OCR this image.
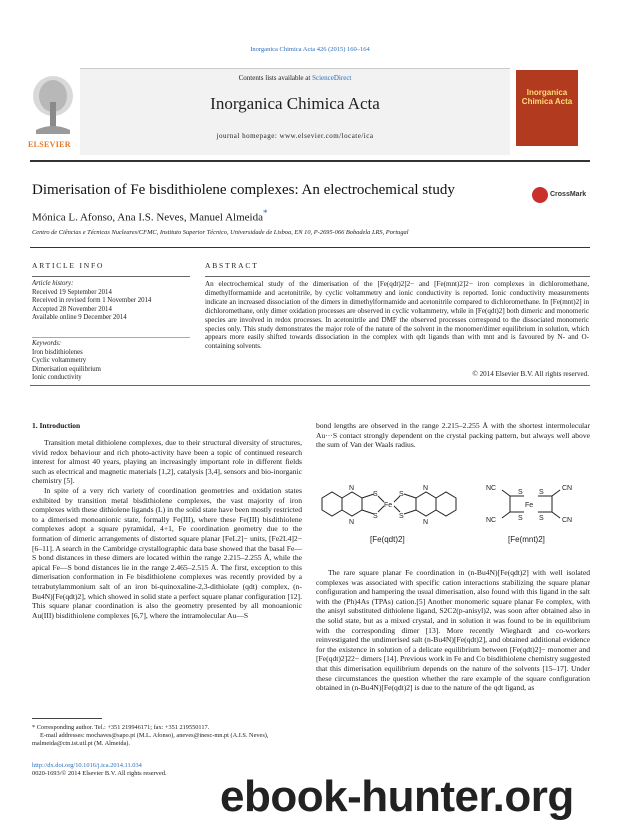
Inorganica Chimica Acta 426 (2015) 160–164
Contents lists available at ScienceDirect
Inorganica Chimica Acta
journal homepage: www.elsevier.com/locate/ica
ELSEVIER
Inorganica Chimica Acta
Dimerisation of Fe bisdithiolene complexes: An electrochemical study
Mónica L. Afonso, Ana I.S. Neves, Manuel Almeida*
Centro de Ciências e Técnicas Nucleares/CFMC, Instituto Superior Técnico, Universidade de Lisboa, EN 10, P-2695-066 Bobadela LRS, Portugal
CrossMark
ARTICLE INFO	ABSTRACT
Article history:
Received 19 September 2014
Received in revised form 1 November 2014
Accepted 28 November 2014
Available online 9 December 2014
Keywords:
Iron bisdithiolenes
Cyclic voltammetry
Dimerisation equilibrium
Ionic conductivity
An electrochemical study of the dimerisation of the [Fe(qdt)2]2− and [Fe(mnt)2]2− iron complexes in dichloromethane, dimethylformamide and acetonitrile, by cyclic voltammetry and ionic conductivity is reported. Ionic conductivity measurements indicate an increased dissociation of the dimers in dimethylformamide and acetonitrile compared to dichloromethane. In [Fe(mnt)2] in dichloromethane, only dimer oxidation processes are observed in cyclic voltammetry, while in [Fe(qdt)2] both dimeric and monomeric species are involved in redox processes. In acetonitrile and DMF the observed processes correspond to the dissociated monomeric species only. This study demonstrates the major role of the nature of the solvent in the monomer/dimer equilibrium in solution, which appears more easily shifted towards dissociation in the complex with qdt ligands than with mnt and is favoured by N- and O-containing solvents.
© 2014 Elsevier B.V. All rights reserved.
1. Introduction

Transition metal dithiolene complexes, due to their structural diversity of structures, vivid redox behaviour and rich photo-activity have been a topic of continued research interest for almost 40 years, playing an increasingly important role in different fields such as electrical and magnetic materials [1,2], catalysis [3,4], sensors and bio-inorganic chemistry [5].

In spite of a very rich variety of coordination geometries and oxidation states exhibited by transition metal bisdithiolene complexes, the vast majority of iron complexes with these dithiolene ligands (L) in the solid state have been mostly restricted to a dimerised monoanionic state, formally Fe(III), where these Fe(III) bisdithiolene complexes adopt a square pyramidal, 4+1, Fe coordination geometry due to the formation of dimeric arrangements of distorted square planar [FeL2]− units, [Fe2L4]2− [6–11]. A search in the Cambridge crystallographic data base showed that the basal Fe—S bond distances in these dimers are located within the range 2.215–2.255 Å, while the apical Fe—S bond distances lie in the range 2.465–2.515 Å. The first, exception to this dimerisation conformation in Fe bisdithiolene complexes was recently provided by a tetrabutylammonium salt of an iron bi-quinoxaline-2,3-dithiolate (qdt) complex, (n-Bu4N)[Fe(qdt)2], which showed in solid state a perfect square planar configuration [12]. This square planar coordination is also the geometry presented by all monoanionic Au(III) bisdithiolene complexes [6,7], where the intramolecular Au—S

bond lengths are observed in the range 2.215–2.255 Å with the shortest intermolecular Au···S contact strongly dependent on the crystal packing pattern, but always well above the sum of Van der Waals radius.
N
N
S
S
Fe
S
S
N
N
NC
NC
S
S
Fe
S
S
CN
CN
[Fe(qdt)2]	[Fe(mnt)2]

The rare square planar Fe coordination in (n-Bu4N)[Fe(qdt)2] with well isolated complexes was associated with specific cation interactions stabilizing the square planar configuration and hampering the usual dimerisation, also found with this ligand in the salt with the (Ph)4As (TPAs) cation.[5] Another monomeric square planar Fe complex, with the anisyl substituted dithiolene ligand, S2C2(p-anisyl)2, was soon after obtained also in the solid state, but as a mixed crystal, and in solution it was found to be in equilibrium with the corresponding dimer [13]. More recently Wieghardt and co-workers reinvestigated the undimerised salt (n-Bu4N)[Fe(qdt)2], and obtained additional evidence for the existence in solution of a delicate equilibrium between [Fe(qdt)2]− monomer and [Fe(qdt)2]22− dimers [14]. Previous work in Fe and Co bisdithiolene chemistry suggested that this dimerisation equilibrium depends on the nature of the solvents [15–17]. Under these circumstances the question whether the rare example of the square configuration obtained in (n-Bu4N)[Fe(qdt)2] is due to the nature of the qdt ligand, as

* Corresponding author. Tel.: +351 219946171; fax: +351 219550117.
E-mail addresses: mochaves@sapo.pt (M.L. Afonso), aneves@inesc-mn.pt (A.I.S. Neves), malmeida@ctn.ist.utl.pt (M. Almeida).
http://dx.doi.org/10.1016/j.ica.2014.11.034
0020-1693/© 2014 Elsevier B.V. All rights reserved.	ebook-hunter.org
